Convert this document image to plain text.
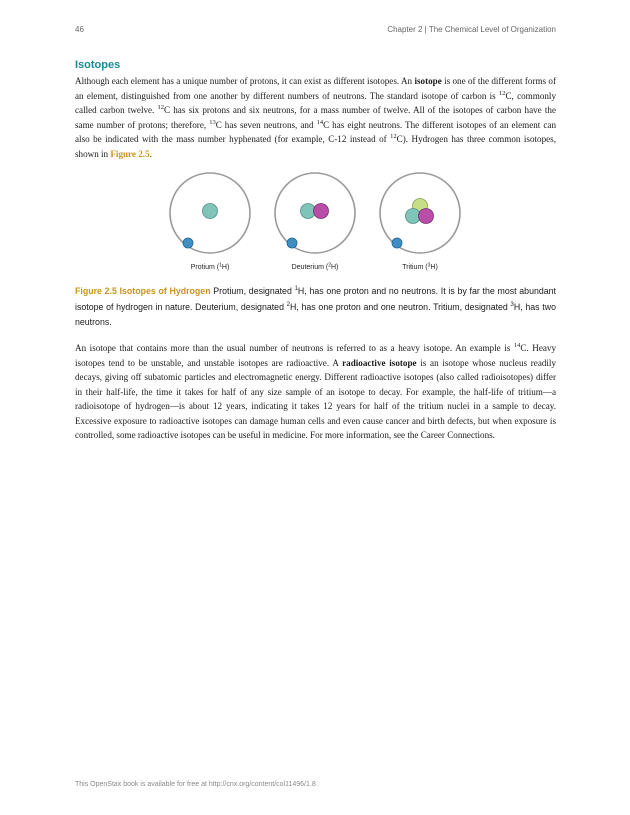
46	Chapter 2 | The Chemical Level of Organization
Isotopes

Although each element has a unique number of protons, it can exist as different isotopes. An isotope is one of the different forms of an element, distinguished from one another by different numbers of neutrons. The standard isotope of carbon is $^{12}$C, commonly called carbon twelve. $^{12}$C has six protons and six neutrons, for a mass number of twelve. All of the isotopes of carbon have the same number of protons; therefore, $^{13}$C has seven neutrons, and $^{14}$C has eight neutrons. The different isotopes of an element can also be indicated with the mass number hyphenated (for example, C-12 instead of $^{12}$C). Hydrogen has three common isotopes, shown in Figure 2.5.

Protium ($^1$H)	Deuterium ($^2$H)	Tritium ($^3$H)

Figure 2.5 Isotopes of Hydrogen Protium, designated $^1$H, has one proton and no neutrons. It is by far the most abundant isotope of hydrogen in nature. Deuterium, designated $^2$H, has one proton and one neutron. Tritium, designated $^3$H, has two neutrons.

An isotope that contains more than the usual number of neutrons is referred to as a heavy isotope. An example is $^{14}$C. Heavy isotopes tend to be unstable, and unstable isotopes are radioactive. A radioactive isotope is an isotope whose nucleus readily decays, giving off subatomic particles and electromagnetic energy. Different radioactive isotopes (also called radioisotopes) differ in their half-life, the time it takes for half of any size sample of an isotope to decay. For example, the half-life of tritium—a radioisotope of hydrogen—is about 12 years, indicating it takes 12 years for half of the tritium nuclei in a sample to decay. Excessive exposure to radioactive isotopes can damage human cells and even cause cancer and birth defects, but when exposure is controlled, some radioactive isotopes can be useful in medicine. For more information, see the Career Connections.

This OpenStax book is available for free at http://cnx.org/content/col11496/1.8
